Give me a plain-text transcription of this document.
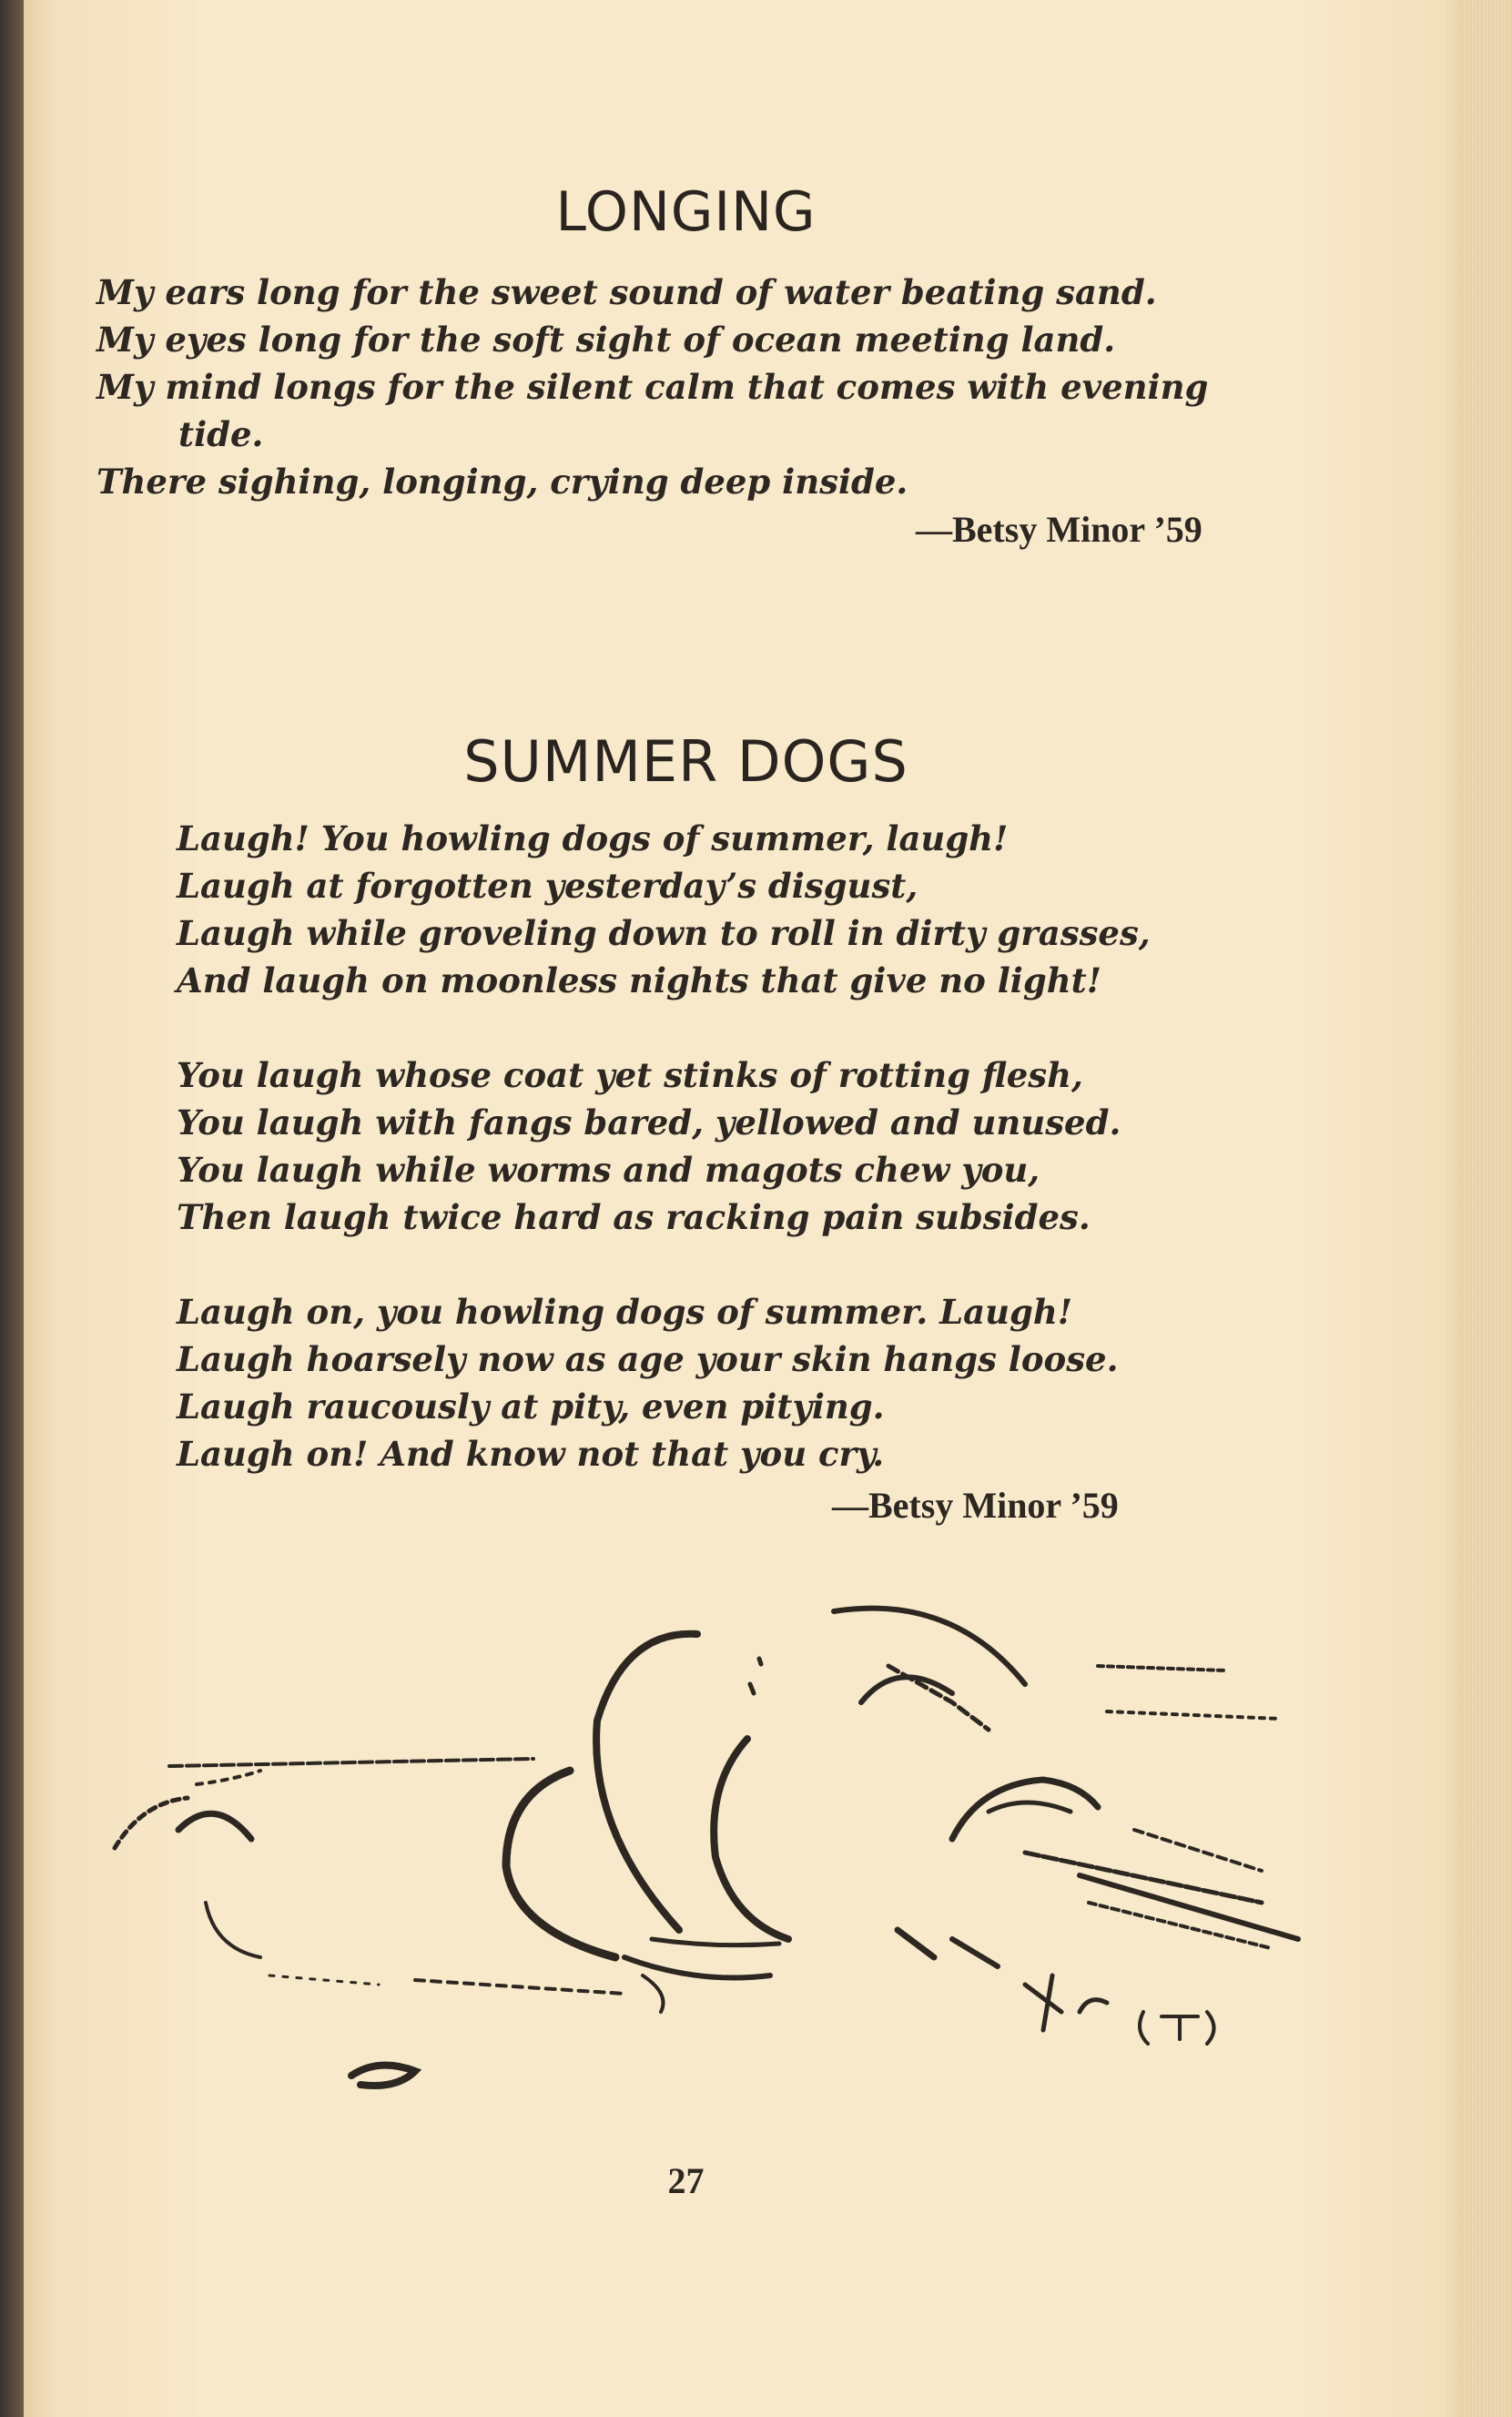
LONGING
My ears long for the sweet sound of water beating sand.
My eyes long for the soft sight of ocean meeting land.
My mind longs for the silent calm that comes with evening
tide.
There sighing, longing, crying deep inside.
—Betsy Minor ’59
SUMMER DOGS
Laugh! You howling dogs of summer, laugh!
Laugh at forgotten yesterday’s disgust,
Laugh while groveling down to roll in dirty grasses,
And laugh on moonless nights that give no light!
You laugh whose coat yet stinks of rotting flesh,
You laugh with fangs bared, yellowed and unused.
You laugh while worms and magots chew you,
Then laugh twice hard as racking pain subsides.
Laugh on, you howling dogs of summer. Laugh!
Laugh hoarsely now as age your skin hangs loose.
Laugh raucously at pity, even pitying.
Laugh on! And know not that you cry.
—Betsy Minor ’59
27
